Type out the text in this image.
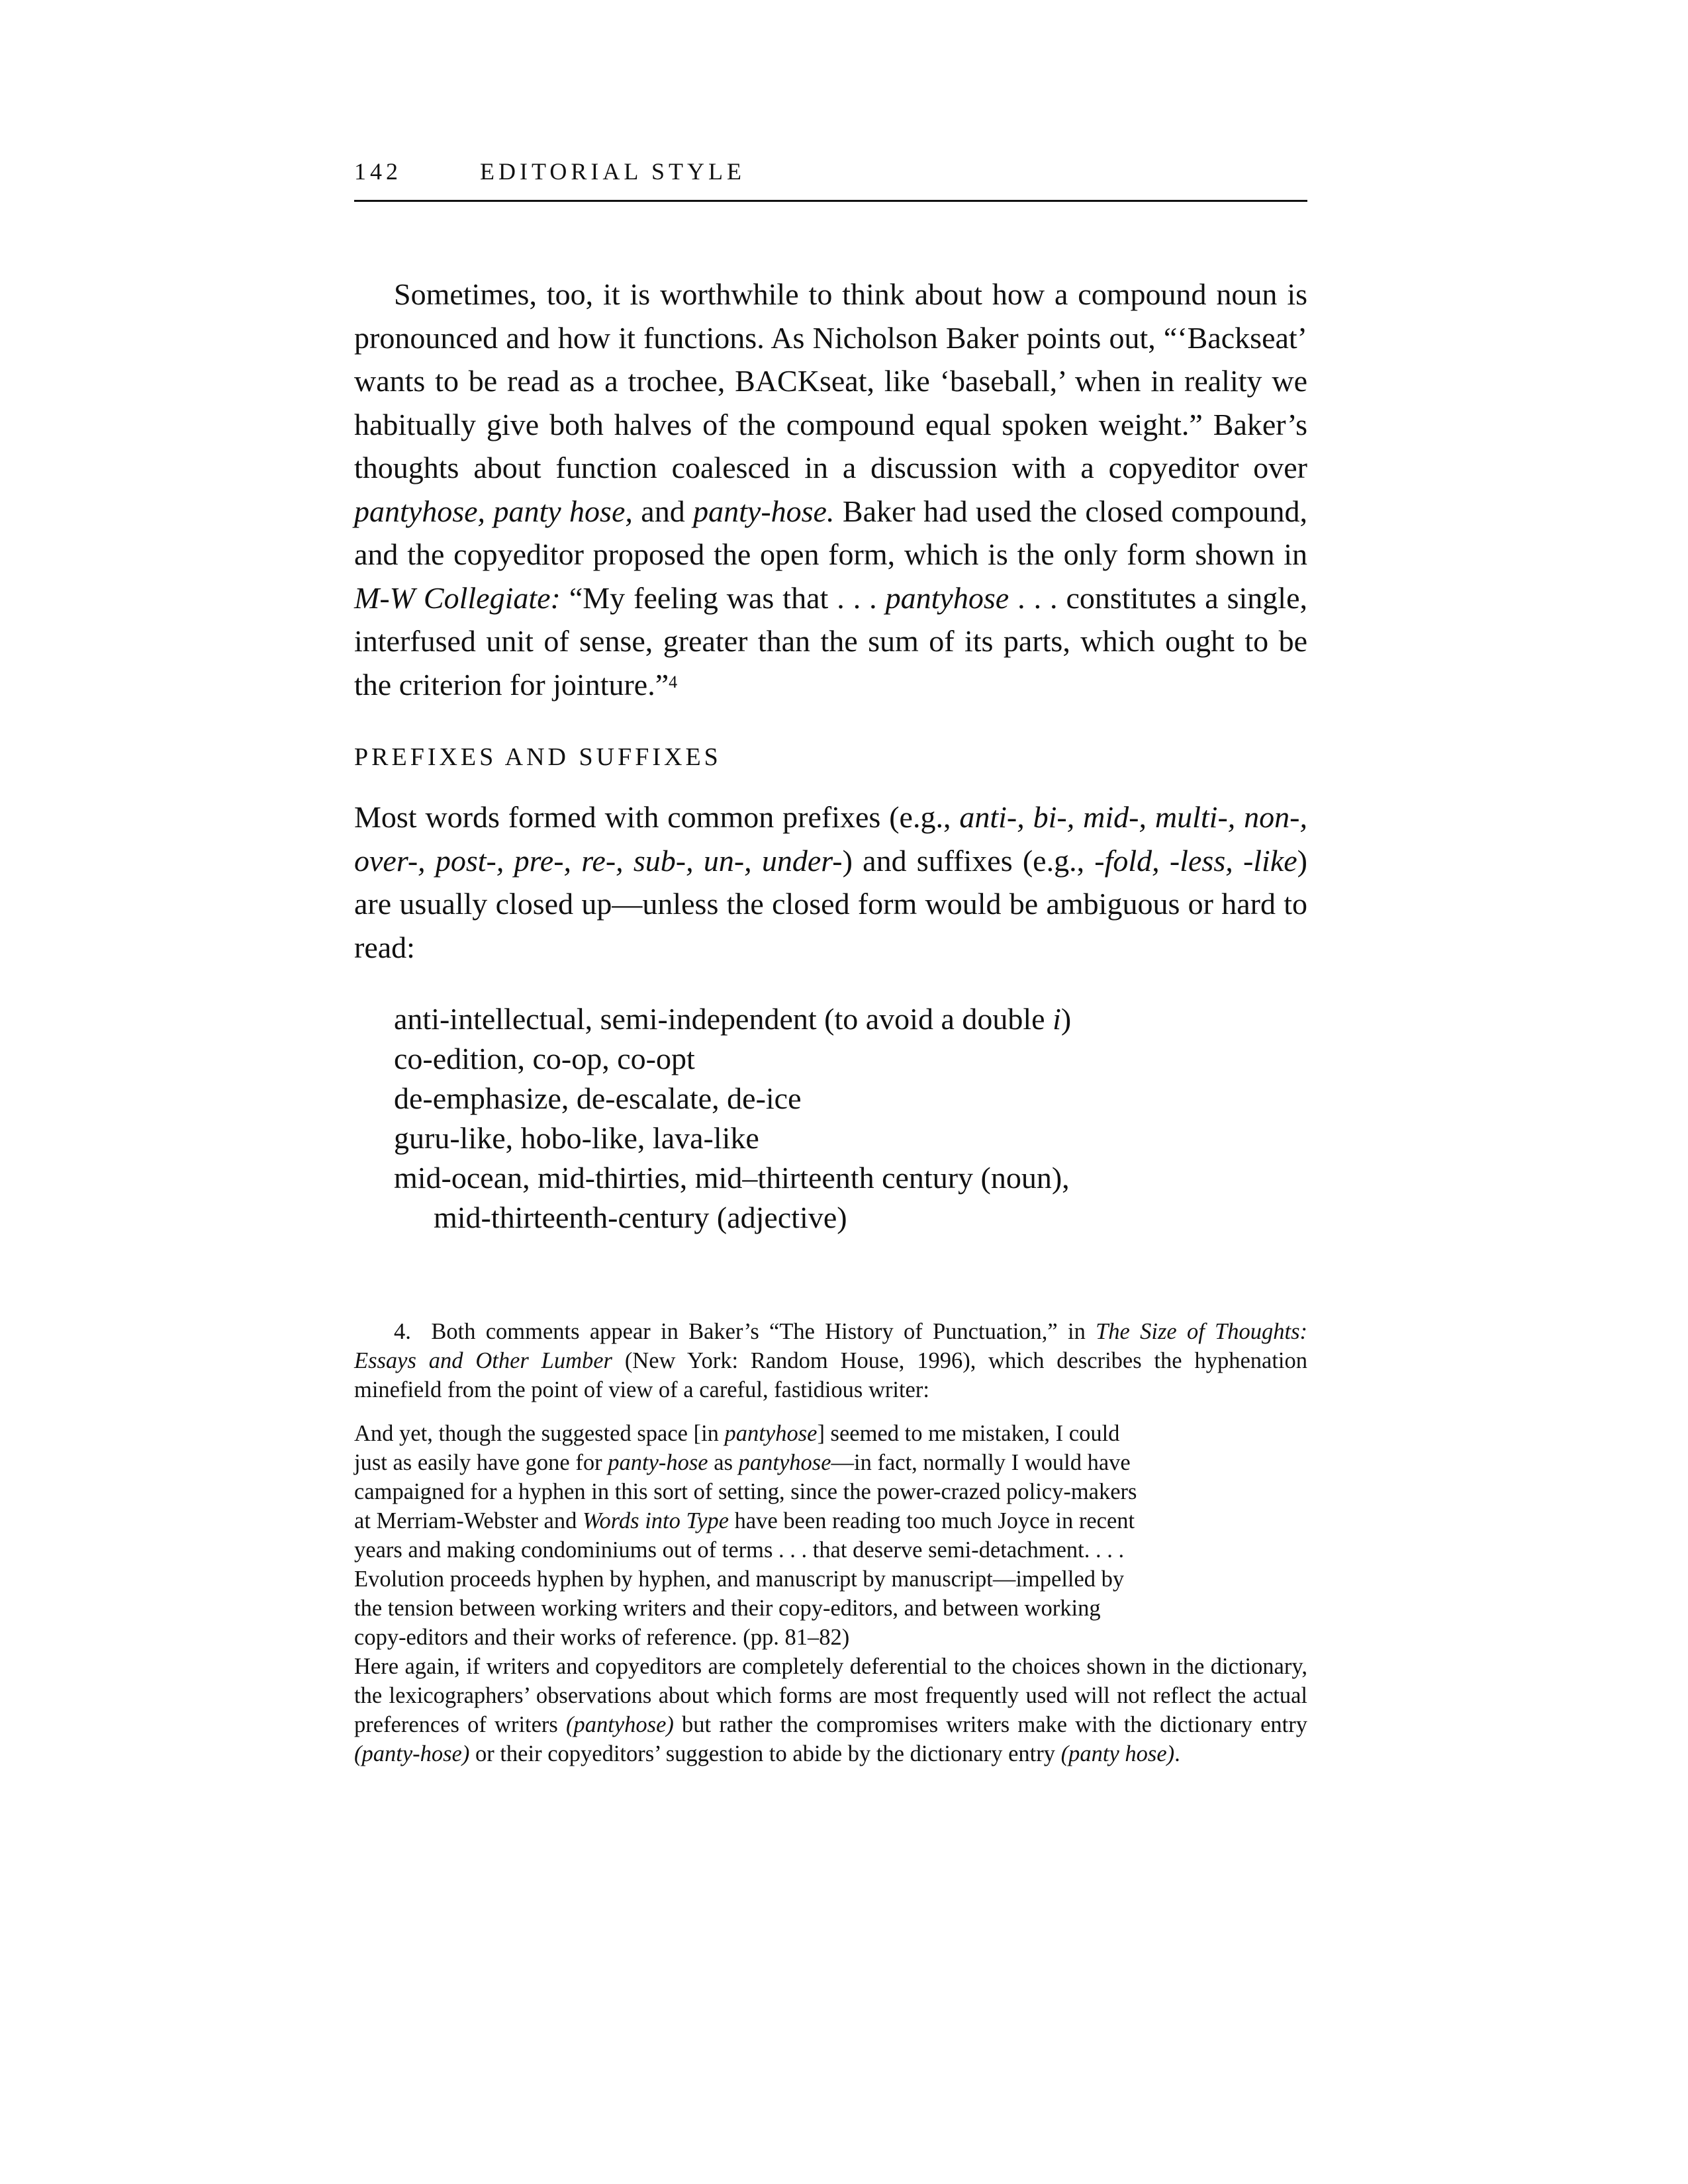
142	EDITORIAL STYLE

Sometimes, too, it is worthwhile to think about how a compound noun is pronounced and how it functions. As Nicholson Baker points out, “‘Backseat’ wants to be read as a trochee, BACKseat, like ‘baseball,’ when in reality we habitually give both halves of the compound equal spoken weight.” Baker’s thoughts about function coalesced in a discussion with a copyeditor over pantyhose, panty hose, and panty-hose. Baker had used the closed compound, and the copyeditor proposed the open form, which is the only form shown in M-W Collegiate: “My feeling was that . . . pantyhose . . . constitutes a single, interfused unit of sense, greater than the sum of its parts, which ought to be the criterion for jointure.”$^4$

PREFIXES AND SUFFIXES
Most words formed with common prefixes (e.g., anti-, bi-, mid-, multi-, non-, over-, post-, pre-, re-, sub-, un-, under-) and suffixes (e.g., -fold, -less, -like) are usually closed up—unless the closed form would be ambiguous or hard to read:
anti-intellectual, semi-independent (to avoid a double i)
co-edition, co-op, co-opt
de-emphasize, de-escalate, de-ice
guru-like, hobo-like, lava-like
mid-ocean, mid-thirties, mid–thirteenth century (noun),
mid-thirteenth-century (adjective)

4.  Both comments appear in Baker’s “The History of Punctuation,” in The Size of Thoughts: Essays and Other Lumber (New York: Random House, 1996), which describes the hyphenation minefield from the point of view of a careful, fastidious writer:

And yet, though the suggested space [in pantyhose] seemed to me mistaken, I could
just as easily have gone for panty-hose as pantyhose—in fact, normally I would have
campaigned for a hyphen in this sort of setting, since the power-crazed policy-makers
at Merriam-Webster and Words into Type have been reading too much Joyce in recent
years and making condominiums out of terms . . . that deserve semi-detachment. . . .
Evolution proceeds hyphen by hyphen, and manuscript by manuscript—impelled by
the tension between working writers and their copy-editors, and between working
copy-editors and their works of reference. (pp. 81–82)

Here again, if writers and copyeditors are completely deferential to the choices shown in the dictionary, the lexicographers’ observations about which forms are most frequently used will not reflect the actual preferences of writers (pantyhose) but rather the compromises writers make with the dictionary entry (panty-hose) or their copyeditors’ suggestion to abide by the dictionary entry (panty hose).
